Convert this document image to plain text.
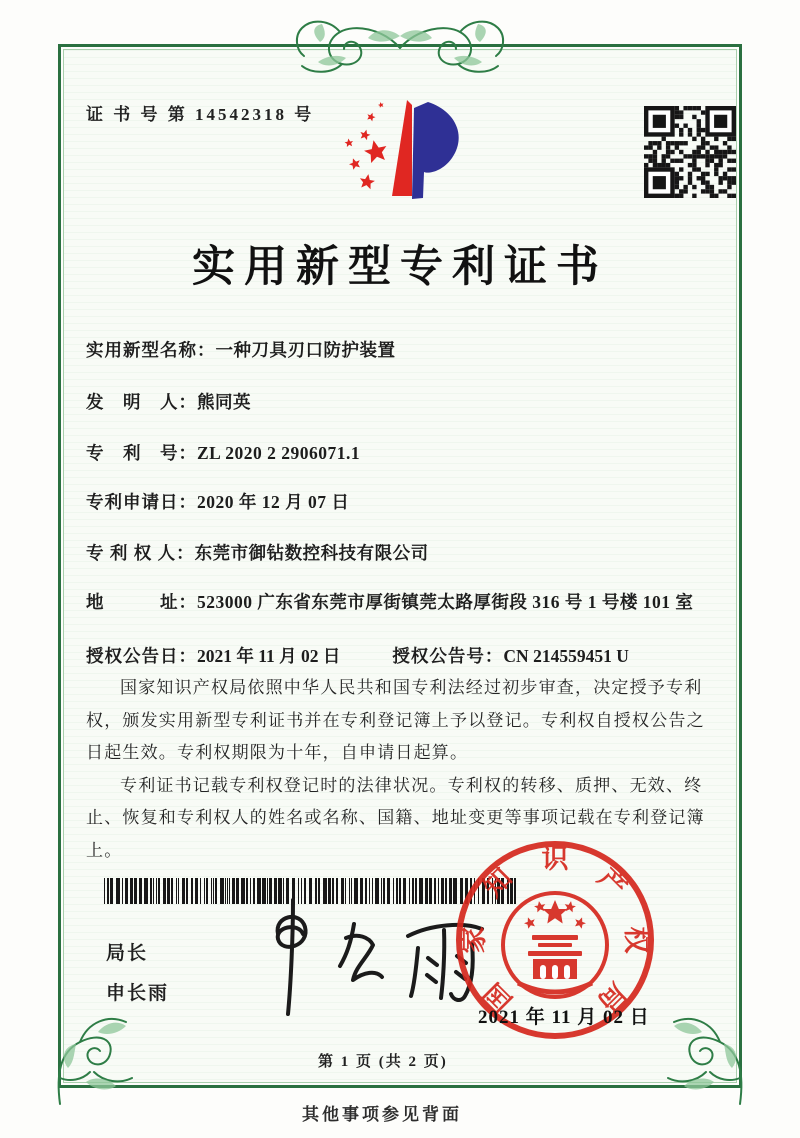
证 书 号 第 14542318 号
实用新型专利证书
实用新型名称： 一种刀具刃口防护装置
发　明　人： 熊同英
专　利　号： ZL 2020 2 2906071.1
专利申请日： 2020 年 12 月 07 日
专 利 权 人： 东莞市御钻数控科技有限公司
地　　　址： 523000 广东省东莞市厚街镇莞太路厚街段 316 号 1 号楼 101 室
授权公告日： 2021 年 11 月 02 日	授权公告号： CN 214559451 U

国家知识产权局依照中华人民共和国专利法经过初步审查，决定授予专利权，颁发实用新型专利证书并在专利登记簿上予以登记。专利权自授权公告之日起生效。专利权期限为十年，自申请日起算。

专利证书记载专利权登记时的法律状况。专利权的转移、质押、无效、终止、恢复和专利权人的姓名或名称、国籍、地址变更等事项记载在专利登记簿上。

局长
申长雨	国
家
知
识
产
权
局
2021 年 11 月 02 日
第 1 页 (共 2 页)
其他事项参见背面
